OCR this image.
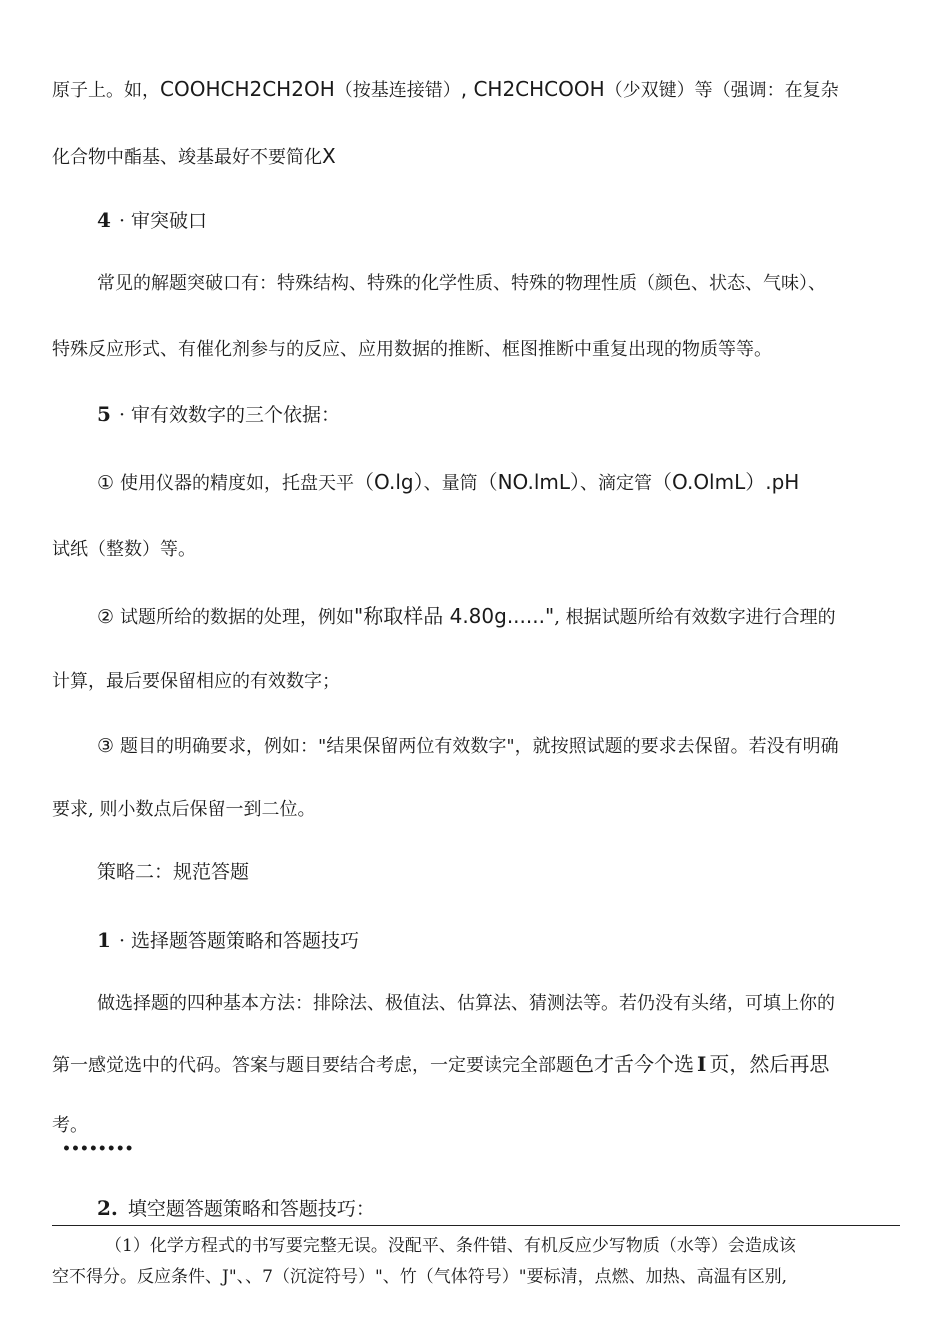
原子上。如，COOHCH2CH2OH（按基连接错）, CH2CHCOOH（少双键）等（强调：在复杂
化合物中酯基、竣基最好不要简化X
4 · 审突破口
常见的解题突破口有：特殊结构、特殊的化学性质、特殊的物理性质（颜色、状态、气味）、
特殊反应形式、有催化剂参与的反应、应用数据的推断、框图推断中重复出现的物质等等。
5 · 审有效数字的三个依据：
① 使用仪器的精度如，托盘天平（O.lg）、量筒（NO.lmL）、滴定管（O.OlmL）.pH
试纸（整数）等。
② 试题所给的数据的处理，例如"称取样品 4.80g......", 根据试题所给有效数字进行合理的
计算，最后要保留相应的有效数字；
③ 题目的明确要求，例如："结果保留两位有效数字"，就按照试题的要求去保留。若没有明确
要求, 则小数点后保留一到二位。
策略二：规范答题
1 · 选择题答题策略和答题技巧
做选择题的四种基本方法：排除法、极值法、估算法、猜测法等。若仍没有头绪，可填上你的
第一感觉选中的代码。答案与题目要结合考虑，一定要读完全部题色才舌今个选 I 页，然后再思
考。
••••••••
2. 填空题答题策略和答题技巧：
（1）化学方程式的书写要完整无误。没配平、条件错、有机反应少写物质（水等）会造成该
空不得分。反应条件、J"、、7（沉淀符号）"、竹（气体符号）"要标清，点燃、加热、高温有区别,
